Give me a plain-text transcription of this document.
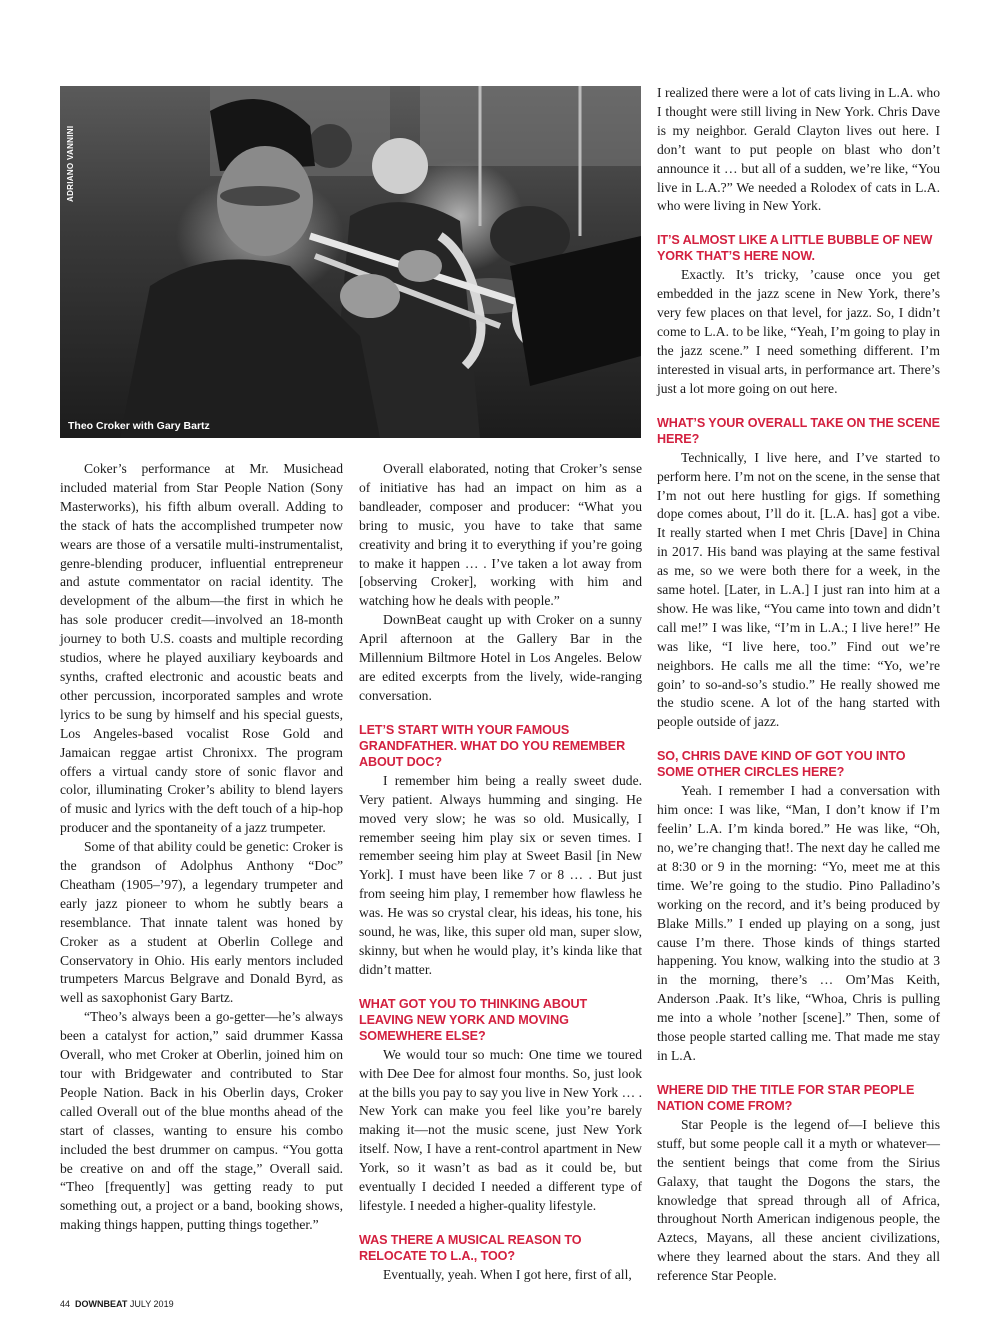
ADRIANO VANNINI
Theo Croker with Gary Bartz

Coker’s performance at Mr. Musichead included material from Star People Nation (Sony Masterworks), his fifth album overall. Adding to the stack of hats the accomplished trumpeter now wears are those of a versatile multi-instrumentalist, genre-blending producer, influential entrepreneur and astute commentator on racial identity. The development of the album—the first in which he has sole producer credit—involved an 18-month journey to both U.S. coasts and multiple recording studios, where he played auxiliary keyboards and synths, crafted electronic and acoustic beats and other percussion, incorporated samples and wrote lyrics to be sung by himself and his special guests, Los Angeles-based vocalist Rose Gold and Jamaican reggae artist Chronixx. The program offers a virtual candy store of sonic flavor and color, illuminating Croker’s ability to blend layers of music and lyrics with the deft touch of a hip-hop producer and the spontaneity of a jazz trumpeter.

Some of that ability could be genetic: Croker is the grandson of Adolphus Anthony “Doc” Cheatham (1905–’97), a legendary trumpeter and early jazz pioneer to whom he subtly bears a resemblance. That innate talent was honed by Croker as a student at Oberlin College and Conservatory in Ohio. His early mentors included trumpeters Marcus Belgrave and Donald Byrd, as well as saxophonist Gary Bartz.

“Theo’s always been a go-getter—he’s always been a catalyst for action,” said drummer Kassa Overall, who met Croker at Oberlin, joined him on tour with Bridgewater and contributed to Star People Nation. Back in his Oberlin days, Croker called Overall out of the blue months ahead of the start of classes, wanting to ensure his combo included the best drummer on campus. “You gotta be creative on and off the stage,” Overall said. “Theo [frequently] was getting ready to put something out, a project or a band, booking shows, making things happen, putting things together.”

Overall elaborated, noting that Croker’s sense of initiative has had an impact on him as a bandleader, composer and producer: “What you bring to music, you have to take that same creativity and bring it to everything if you’re going to make it happen … . I’ve taken a lot away from [observing Croker], working with him and watching how he deals with people.”

DownBeat caught up with Croker on a sunny April afternoon at the Gallery Bar in the Millennium Biltmore Hotel in Los Angeles. Below are edited excerpts from the lively, wide-ranging conversation.

LET’S START WITH YOUR FAMOUS GRANDFATHER. WHAT DO YOU REMEMBER ABOUT DOC?

I remember him being a really sweet dude. Very patient. Always humming and singing. He moved very slow; he was so old. Musically, I remember seeing him play six or seven times. I remember seeing him play at Sweet Basil [in New York]. I must have been like 7 or 8 … . But just from seeing him play, I remember how flawless he was. He was so crystal clear, his ideas, his tone, his sound, he was, like, this super old man, super slow, skinny, but when he would play, it’s kinda like that didn’t matter.

WHAT GOT YOU TO THINKING ABOUT LEAVING NEW YORK AND MOVING SOMEWHERE ELSE?

We would tour so much: One time we toured with Dee Dee for almost four months. So, just look at the bills you pay to say you live in New York … . New York can make you feel like you’re barely making it—not the music scene, just New York itself. Now, I have a rent-control apartment in New York, so it wasn’t as bad as it could be, but eventually I decided I needed a different type of lifestyle. I needed a higher-quality lifestyle.

WAS THERE A MUSICAL REASON TO RELOCATE TO L.A., TOO?

Eventually, yeah. When I got here, first of all,

I realized there were a lot of cats living in L.A. who I thought were still living in New York. Chris Dave is my neighbor. Gerald Clayton lives out here. I don’t want to put people on blast who don’t announce it … but all of a sudden, we’re like, “You live in L.A.?” We needed a Rolodex of cats in L.A. who were living in New York.

IT’S ALMOST LIKE A LITTLE BUBBLE OF NEW YORK THAT’S HERE NOW.

Exactly. It’s tricky, ’cause once you get embedded in the jazz scene in New York, there’s very few places on that level, for jazz. So, I didn’t come to L.A. to be like, “Yeah, I’m going to play in the jazz scene.” I need something different. I’m interested in visual arts, in performance art. There’s just a lot more going on out here.

WHAT’S YOUR OVERALL TAKE ON THE SCENE HERE?

Technically, I live here, and I’ve started to perform here. I’m not on the scene, in the sense that I’m not out here hustling for gigs. If something dope comes about, I’ll do it. [L.A. has] got a vibe. It really started when I met Chris [Dave] in China in 2017. His band was playing at the same festival as me, so we were both there for a week, in the same hotel. [Later, in L.A.] I just ran into him at a show. He was like, “You came into town and didn’t call me!” I was like, “I’m in L.A.; I live here!” He was like, “I live here, too.” Find out we’re neighbors. He calls me all the time: “Yo, we’re goin’ to so-and-so’s studio.” He really showed me the studio scene. A lot of the hang started with people outside of jazz.

SO, CHRIS DAVE KIND OF GOT YOU INTO SOME OTHER CIRCLES HERE?

Yeah. I remember I had a conversation with him once: I was like, “Man, I don’t know if I’m feelin’ L.A. I’m kinda bored.” He was like, “Oh, no, we’re changing that!. The next day he called me at 8:30 or 9 in the morning: “Yo, meet me at this time. We’re going to the studio. Pino Palladino’s working on the record, and it’s being produced by Blake Mills.” I ended up playing on a song, just cause I’m there. Those kinds of things started happening. You know, walking into the studio at 3 in the morning, there’s … Om’Mas Keith, Anderson .Paak. It’s like, “Whoa, Chris is pulling me into a whole ’nother [scene].” Then, some of those people started calling me. That made me stay in L.A.

WHERE DID THE TITLE FOR STAR PEOPLE NATION COME FROM?

Star People is the legend of—I believe this stuff, but some people call it a myth or whatever—the sentient beings that come from the Sirius Galaxy, that taught the Dogons the stars, the knowledge that spread through all of Africa, throughout North American indigenous people, the Aztecs, Mayans, all these ancient civilizations, where they learned about the stars. And they all reference Star People.

44 DOWNBEAT JULY 2019
